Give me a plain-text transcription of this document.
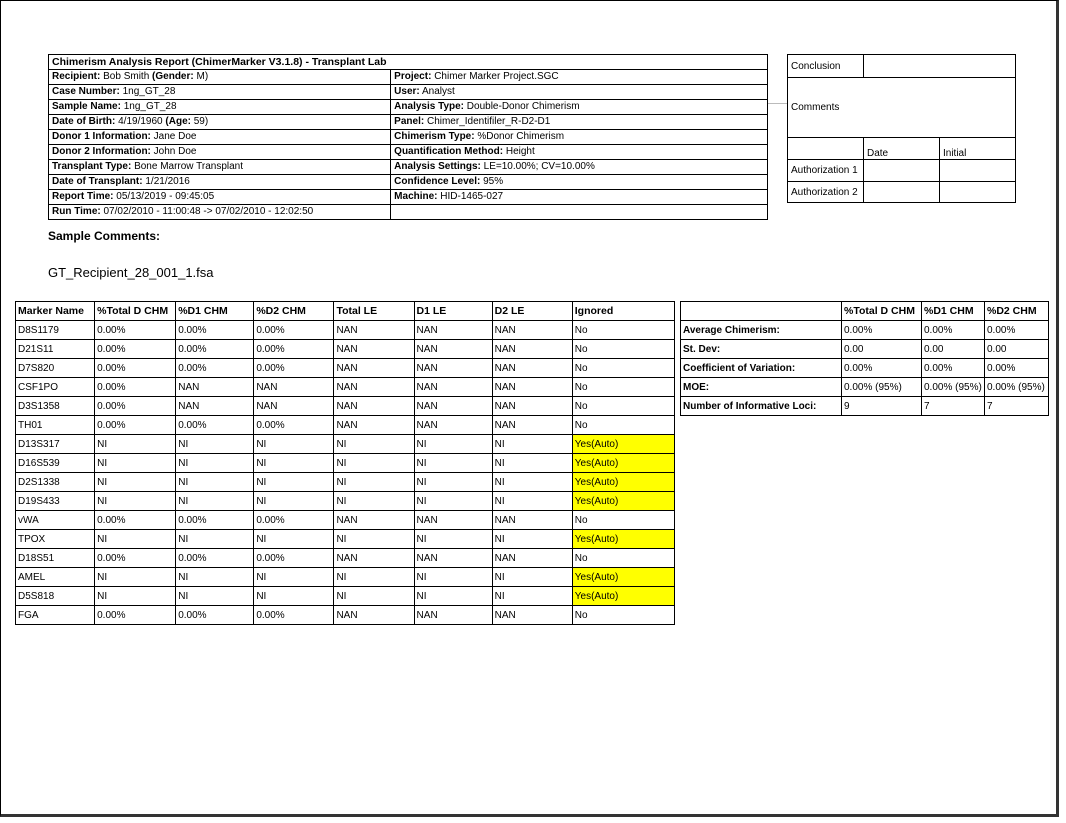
Chimerism Analysis Report (ChimerMarker V3.1.8) - Transplant Lab	
Recipient: Bob Smith (Gender: M)	Project: Chimer Marker Project.SGC
Case Number: 1ng_GT_28	User: Analyst
Sample Name: 1ng_GT_28	Analysis Type: Double-Donor Chimerism
Date of Birth: 4/19/1960 (Age: 59)	Panel: Chimer_Identifiler_R-D2-D1
Donor 1 Information: Jane Doe	Chimerism Type: %Donor Chimerism
Donor 2 Information: John Doe	Quantification Method: Height
Transplant Type: Bone Marrow Transplant	Analysis Settings: LE=10.00%; CV=10.00%
Date of Transplant: 1/21/2016	Confidence Level: 95%
Report Time: 05/13/2019 - 09:45:05	Machine: HID-1465-027
Run Time: 07/02/2010 - 11:00:48 -> 07/02/2010 - 12:02:50	
Conclusion		
Comments		
	Date	Initial
Authorization 1		
Authorization 2		
Sample Comments:
GT_Recipient_28_001_1.fsa
Marker Name	%Total D CHM	%D1 CHM	%D2 CHM	Total LE	D1 LE	D2 LE	Ignored
D8S1179	0.00%	0.00%	0.00%	NAN	NAN	NAN	No
D21S11	0.00%	0.00%	0.00%	NAN	NAN	NAN	No
D7S820	0.00%	0.00%	0.00%	NAN	NAN	NAN	No
CSF1PO	0.00%	NAN	NAN	NAN	NAN	NAN	No
D3S1358	0.00%	NAN	NAN	NAN	NAN	NAN	No
TH01	0.00%	0.00%	0.00%	NAN	NAN	NAN	No
D13S317	NI	NI	NI	NI	NI	NI	Yes(Auto)
D16S539	NI	NI	NI	NI	NI	NI	Yes(Auto)
D2S1338	NI	NI	NI	NI	NI	NI	Yes(Auto)
D19S433	NI	NI	NI	NI	NI	NI	Yes(Auto)
vWA	0.00%	0.00%	0.00%	NAN	NAN	NAN	No
TPOX	NI	NI	NI	NI	NI	NI	Yes(Auto)
D18S51	0.00%	0.00%	0.00%	NAN	NAN	NAN	No
AMEL	NI	NI	NI	NI	NI	NI	Yes(Auto)
D5S818	NI	NI	NI	NI	NI	NI	Yes(Auto)
FGA	0.00%	0.00%	0.00%	NAN	NAN	NAN	No
	%Total D CHM	%D1 CHM	%D2 CHM
Average Chimerism:	0.00%	0.00%	0.00%
St. Dev:	0.00	0.00	0.00
Coefficient of Variation:	0.00%	0.00%	0.00%
MOE:	0.00% (95%)	0.00% (95%)	0.00% (95%)
Number of Informative Loci:	9	7	7
